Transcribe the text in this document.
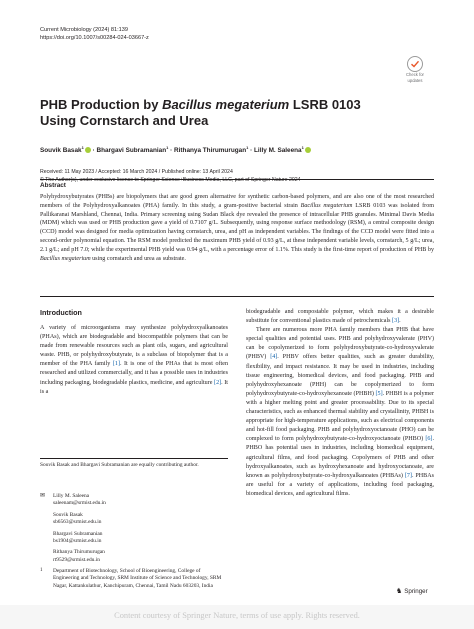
Current Microbiology (2024) 81:139
https://doi.org/10.1007/s00284-024-03667-z
Check for
updates
PHB Production by Bacillus megaterium LSRB 0103 Using Cornstarch and Urea
Souvik Basak$^1$ · Bhargavi Subramanian$^1$ · Rithanya Thirumurugan$^1$ · Lilly M. Saleena$^1$
Received: 11 May 2023 / Accepted: 16 March 2024 / Published online: 13 April 2024
© The Author(s), under exclusive licence to Springer Science+Business Media, LLC, part of Springer Nature 2024
Abstract

Polyhydroxybutyrates (PHBs) are biopolymers that are good green alternative for synthetic carbon-based polymers, and are also one of the most researched members of the Polyhydroxyalkanoates (PHA) family. In this study, a gram-positive bacterial strain Bacillus megaterium LSRB 0103 was isolated from Pallikaranai Marshland, Chennai, India. Primary screening using Sudan Black dye revealed the presence of intracellular PHB granules. Minimal Davis Media (MDM) which was used or PHB production gave a yield of 0.7107 g/L. Subsequently, using response surface methodology (RSM), a central composite design (CCD) model was designed for media optimization having cornstarch, urea, and pH as independent variables. The findings of the CCD model were fitted into a second-order polynomial equation. The RSM model predicted the maximum PHB yield of 0.93 g/L, at these independent variable levels, cornstarch, 5 g/L; urea, 2.1 g/L; and pH 7.0; while the experimental PHB yield was 0.94 g/L, with a percentage error of 1.1%. This study is the first-time report of production of PHB by Bacillus megaterium using cornstarch and urea as substrate.

Introduction

A variety of microorganisms may synthesize polyhydroxyalkanoates (PHAs), which are biodegradable and biocompatible polymers that can be made from renewable resources such as plant oils, sugars, and agricultural waste. PHB, or polyhydroxybutyrate, is a subclass of biopolymer that is a member of the PHA family [1]. It is one of the PHAs that is most often researched and utilized commercially, and it has a possible uses in industries including packaging, biodegradable plastics, medicine, and agriculture [2]. It is a

biodegradable and compostable polymer, which makes it a desirable substitute for conventional plastics made of petrochemicals [3].

There are numerous more PHA family members than PHB that have special qualities and potential uses. PHB and polyhydroxyvalerate (PHV) can be copolymerized to form polyhydroxybutyrate-co-hydroxyvalerate (PHBV) [4]. PHBV offers better qualities, such as greater durability, flexibility, and impact resistance. It may be used in industries, including tissue engineering, biomedical devices, and food packaging. PHB and polyhydroxyhexanoate (PHH) can be copolymerized to form polyhydroxybutyrate-co-hydroxyhexanoate (PHBH) [5]. PHBH is a polymer with a higher melting point and greater processability. Due to its special characteristics, such as enhanced thermal stability and crystallinity, PHBH is appropriate for high-temperature applications, such as electrical components and hot-fill food packaging. PHB and polyhydroxyoctanoate (PHO) can be complexed to form polyhydroxybutyrate-co-hydroxyoctanoate (PHBO) [6]. PHBO has potential uses in industries, including biomedical equipment, agricultural films, and food packaging. Copolymers of PHB and other hydroxyalkanoates, such as hydroxyhexanoate and hydroxyoctanoate, are known as polyhydroxybutyrate-co-hydroxyalkanoates (PHBAs) [7]. PHBAs are useful for a variety of applications, including food packaging, biomedical devices, and agricultural films.

Souvik Basak and Bhargavi Subramanian are equally contributing author.

✉ Lilly M. Saleena
saleenam@srmist.edu.in
Souvik Basak
sb6563@srmist.edu.in
Bhargavi Subramanian
bs1904@srmist.edu.in
Rithanya Thirumurugan
rt9529@srmist.edu.in
1 Department of Biotechnology, School of Bioengineering, College of Engineering and Technology, SRM Institute of Science and Technology, SRM Nagar, Kattankulathur, Kanchipuram, Chennai, Tamil Nadu 603203, India
♞ Springer
Content courtesy of Springer Nature, terms of use apply. Rights reserved.
